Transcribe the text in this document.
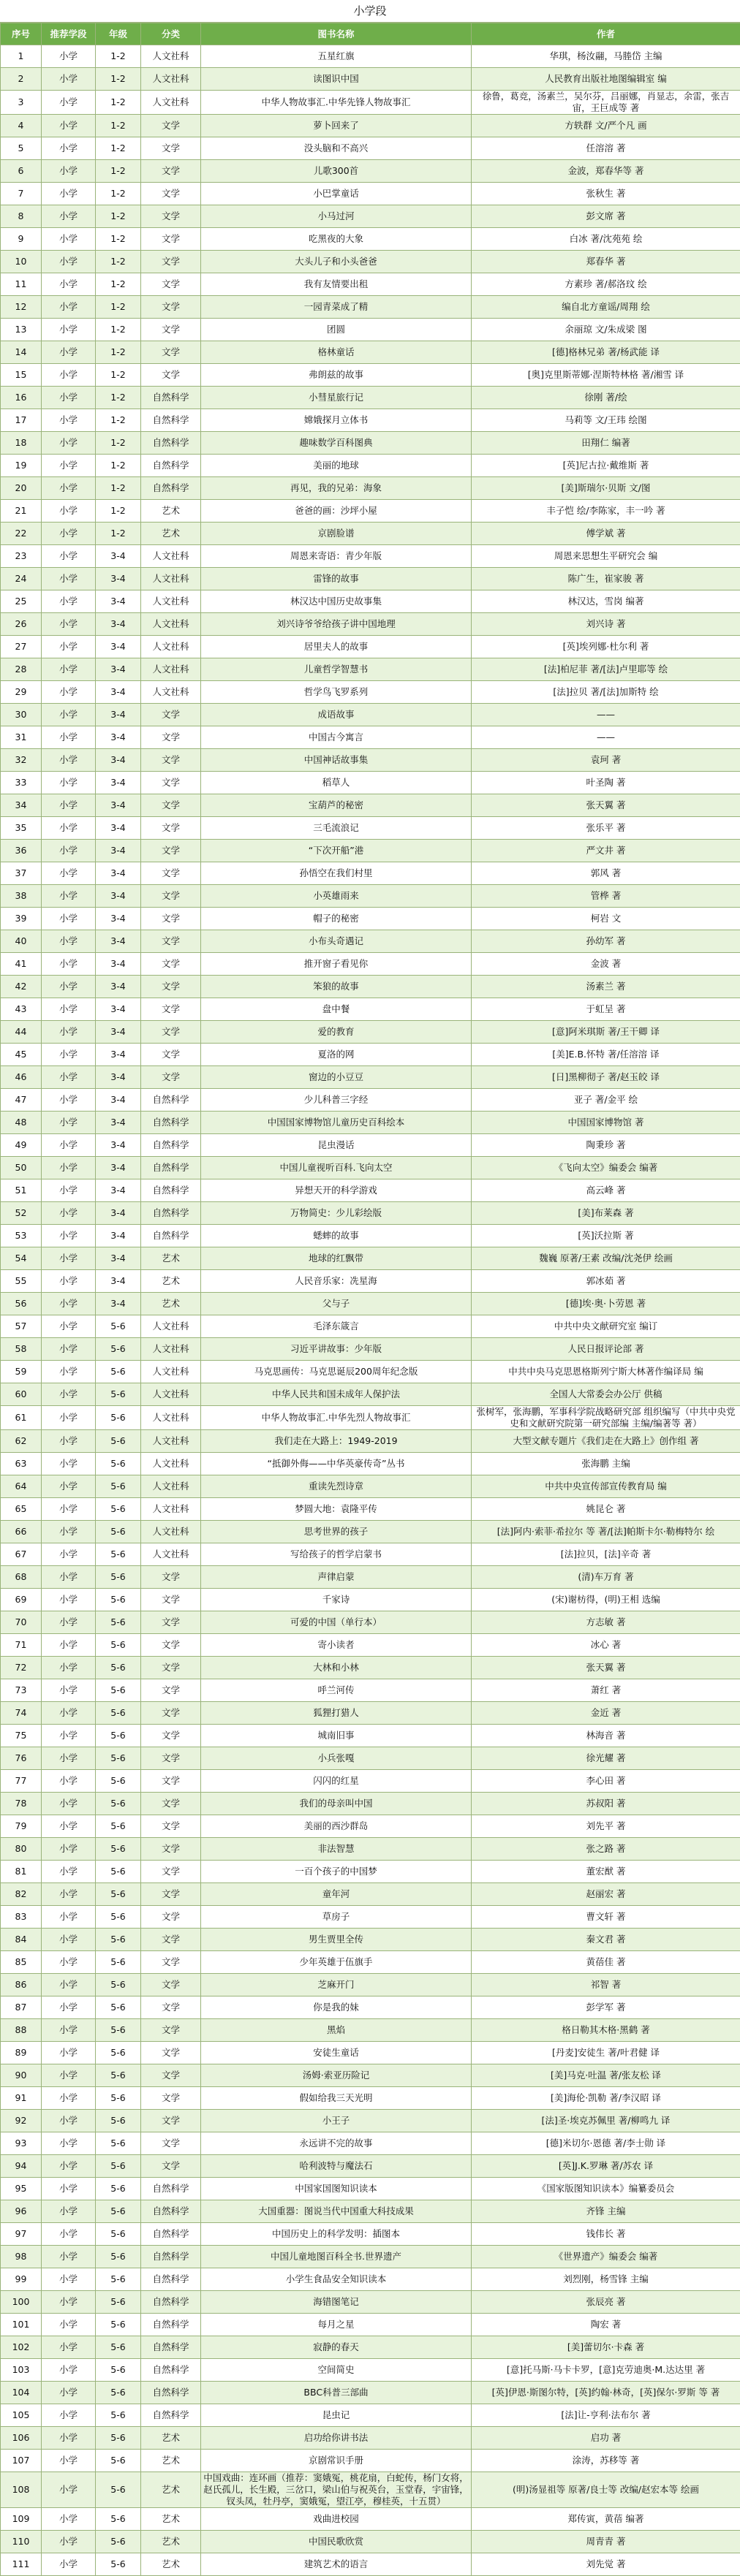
小学段
序号	推荐学段	年级	分类	图书名称	作者
1	小学	1-2	人文社科	五星红旗	华琪，杨汝翮，马塍岱 主编
2	小学	1-2	人文社科	读图识中国	人民教育出版社地图编辑室 编
3	小学	1-2	人文社科	中华人物故事汇.中华先锋人物故事汇	徐鲁，葛竞，汤素兰，吴尔芬，吕丽娜，肖显志，余雷，张吉宙，王巨成等 著
4	小学	1-2	文学	萝卜回来了	方轶群 文/严个凡 画
5	小学	1-2	文学	没头脑和不高兴	任溶溶 著
6	小学	1-2	文学	儿歌300首	金波，郑春华等 著
7	小学	1-2	文学	小巴掌童话	张秋生 著
8	小学	1-2	文学	小马过河	彭文席 著
9	小学	1-2	文学	吃黑夜的大象	白冰 著/沈苑苑 绘
10	小学	1-2	文学	大头儿子和小头爸爸	郑春华 著
11	小学	1-2	文学	我有友情要出租	方素珍 著/郝洛玟 绘
12	小学	1-2	文学	一园青菜成了精	编自北方童谣/周翔 绘
13	小学	1-2	文学	团圆	余丽琼 文/朱成梁 图
14	小学	1-2	文学	格林童话	[德]格林兄弟 著/杨武能 译
15	小学	1-2	文学	弗朗兹的故事	[奥]克里斯蒂娜·涅斯特林格 著/湘雪 译
16	小学	1-2	自然科学	小彗星旅行记	徐刚 著/绘
17	小学	1-2	自然科学	嫦娥探月立体书	马莉等 文/王玮 绘图
18	小学	1-2	自然科学	趣味数学百科图典	田翔仁 编著
19	小学	1-2	自然科学	美丽的地球	[英]尼古拉·戴维斯 著
20	小学	1-2	自然科学	再见，我的兄弟：海象	[美]斯瑞尔·贝斯 文/图
21	小学	1-2	艺术	爸爸的画：沙坪小屋	丰子恺 绘/李陈家，丰一吟 著
22	小学	1-2	艺术	京剧脸谱	傅学斌 著
23	小学	3-4	人文社科	周恩来寄语：青少年版	周恩来思想生平研究会 编
24	小学	3-4	人文社科	雷锋的故事	陈广生，崔家骏 著
25	小学	3-4	人文社科	林汉达中国历史故事集	林汉达，雪岗 编著
26	小学	3-4	人文社科	刘兴诗爷爷给孩子讲中国地理	刘兴诗 著
27	小学	3-4	人文社科	居里夫人的故事	[英]埃列娜·杜尔利 著
28	小学	3-4	人文社科	儿童哲学智慧书	[法]柏尼菲 著/[法]卢里耶等 绘
29	小学	3-4	人文社科	哲学鸟飞罗系列	[法]拉贝 著/[法]加斯特 绘
30	小学	3-4	文学	成语故事	——
31	小学	3-4	文学	中国古今寓言	——
32	小学	3-4	文学	中国神话故事集	袁珂 著
33	小学	3-4	文学	稻草人	叶圣陶 著
34	小学	3-4	文学	宝葫芦的秘密	张天翼 著
35	小学	3-4	文学	三毛流浪记	张乐平 著
36	小学	3-4	文学	“下次开船”港	严文井 著
37	小学	3-4	文学	孙悟空在我们村里	郭风 著
38	小学	3-4	文学	小英雄雨来	管桦 著
39	小学	3-4	文学	帽子的秘密	柯岩 文
40	小学	3-4	文学	小布头奇遇记	孙幼军 著
41	小学	3-4	文学	推开窗子看见你	金波 著
42	小学	3-4	文学	笨狼的故事	汤素兰 著
43	小学	3-4	文学	盘中餐	于虹呈 著
44	小学	3-4	文学	爱的教育	[意]阿米琪斯 著/王干卿 译
45	小学	3-4	文学	夏洛的网	[美]E.B.怀特 著/任溶溶 译
46	小学	3-4	文学	窗边的小豆豆	[日]黑柳彻子 著/赵玉皎 译
47	小学	3-4	自然科学	少儿科普三字经	亚子 著/金平 绘
48	小学	3-4	自然科学	中国国家博物馆儿童历史百科绘本	中国国家博物馆 著
49	小学	3-4	自然科学	昆虫漫话	陶秉珍 著
50	小学	3-4	自然科学	中国儿童视听百科.飞向太空	《飞向太空》编委会 编著
51	小学	3-4	自然科学	异想天开的科学游戏	高云峰 著
52	小学	3-4	自然科学	万物简史：少儿彩绘版	[美]布莱森 著
53	小学	3-4	自然科学	蟋蟀的故事	[英]沃拉斯 著
54	小学	3-4	艺术	地球的红飘带	魏巍 原著/王素 改编/沈尧伊 绘画
55	小学	3-4	艺术	人民音乐家：冼星海	郭冰茹 著
56	小学	3-4	艺术	父与子	[德]埃·奥·卜劳恩 著
57	小学	5-6	人文社科	毛泽东箴言	中共中央文献研究室 编订
58	小学	5-6	人文社科	习近平讲故事：少年版	人民日报评论部 著
59	小学	5-6	人文社科	马克思画传：马克思诞辰200周年纪念版	中共中央马克思恩格斯列宁斯大林著作编译局 编
60	小学	5-6	人文社科	中华人民共和国未成年人保护法	全国人大常委会办公厅 供稿
61	小学	5-6	人文社科	中华人物故事汇.中华先烈人物故事汇	张树军，张海鹏，军事科学院战略研究部 组织编写（中共中央党史和文献研究院第一研究部编 主编/编著等 著）
62	小学	5-6	人文社科	我们走在大路上：1949-2019	大型文献专题片《我们走在大路上》创作组 著
63	小学	5-6	人文社科	“抵御外侮——中华英豪传奇”丛书	张海鹏 主编
64	小学	5-6	人文社科	重读先烈诗章	中共中央宣传部宣传教育局 编
65	小学	5-6	人文社科	梦圆大地：袁隆平传	姚昆仑 著
66	小学	5-6	人文社科	思考世界的孩子	[法]阿内·索菲·希拉尔 等 著/[法]帕斯卡尔·勒梅特尔 绘
67	小学	5-6	人文社科	写给孩子的哲学启蒙书	[法]拉贝，[法]辛奇 著
68	小学	5-6	文学	声律启蒙	(清)车万育 著
69	小学	5-6	文学	千家诗	(宋)谢枋得，(明)王相 选编
70	小学	5-6	文学	可爱的中国（单行本）	方志敏 著
71	小学	5-6	文学	寄小读者	冰心 著
72	小学	5-6	文学	大林和小林	张天翼 著
73	小学	5-6	文学	呼兰河传	萧红 著
74	小学	5-6	文学	狐狸打猎人	金近 著
75	小学	5-6	文学	城南旧事	林海音 著
76	小学	5-6	文学	小兵张嘎	徐光耀 著
77	小学	5-6	文学	闪闪的红星	李心田 著
78	小学	5-6	文学	我们的母亲叫中国	苏叔阳 著
79	小学	5-6	文学	美丽的西沙群岛	刘先平 著
80	小学	5-6	文学	非法智慧	张之路 著
81	小学	5-6	文学	一百个孩子的中国梦	董宏猷 著
82	小学	5-6	文学	童年河	赵丽宏 著
83	小学	5-6	文学	草房子	曹文轩 著
84	小学	5-6	文学	男生贾里全传	秦文君 著
85	小学	5-6	文学	少年英雄于伍旗手	黄蓓佳 著
86	小学	5-6	文学	芝麻开门	祁智 著
87	小学	5-6	文学	你是我的妹	彭学军 著
88	小学	5-6	文学	黑焰	格日勒其木格·黑鹤 著
89	小学	5-6	文学	安徒生童话	[丹麦]安徒生 著/叶君健 译
90	小学	5-6	文学	汤姆·索亚历险记	[美]马克·吐温 著/张友松 译
91	小学	5-6	文学	假如给我三天光明	[美]海伦·凯勒 著/李汉昭 译
92	小学	5-6	文学	小王子	[法]圣·埃克苏佩里 著/柳鸣九 译
93	小学	5-6	文学	永远讲不完的故事	[德]米切尔·恩德 著/李士勋 译
94	小学	5-6	文学	哈利波特与魔法石	[英]J.K.罗琳 著/苏农 译
95	小学	5-6	自然科学	中国家国图知识读本	《国家版图知识读本》编纂委员会
96	小学	5-6	自然科学	大国重器：图说当代中国重大科技成果	齐锋 主编
97	小学	5-6	自然科学	中国历史上的科学发明：插图本	钱伟长 著
98	小学	5-6	自然科学	中国儿童地图百科全书.世界遗产	《世界遗产》编委会 编著
99	小学	5-6	自然科学	小学生食品安全知识读本	刘烈刚，杨雪锋 主编
100	小学	5-6	自然科学	海错图笔记	张辰亮 著
101	小学	5-6	自然科学	每月之星	陶宏 著
102	小学	5-6	自然科学	寂静的春天	[美]蕾切尔·卡森 著
103	小学	5-6	自然科学	空间简史	[意]托马斯·马卡卡罗，[意]克劳迪奥·M.达达里 著
104	小学	5-6	自然科学	BBC科普三部曲	[英]伊恩·斯图尔特，[英]约翰·林奇，[英]保尔·罗斯 等 著
105	小学	5-6	自然科学	昆虫记	[法]让-亨利·法布尔 著
106	小学	5-6	艺术	启功给你讲书法	启功 著
107	小学	5-6	艺术	京剧常识手册	涂涛，苏移等 著
108	小学	5-6	艺术	中国戏曲：连环画（推荐：窦娥冤，桃花扇，白蛇传，杨门女将，赵氏孤儿，长生殿，三岔口，梁山伯与祝英台，玉堂春，宇宙锋，钗头凤，牡丹亭，窦娥冤，望江亭，穆桂英，十五贯）	(明)汤显祖等 原著/良士等 改编/赵宏本等 绘画
109	小学	5-6	艺术	戏曲进校园	郑传寅，黄蓓 编著
110	小学	5-6	艺术	中国民歌欣赏	周青青 著
111	小学	5-6	艺术	建筑艺术的语言	刘先觉 著
